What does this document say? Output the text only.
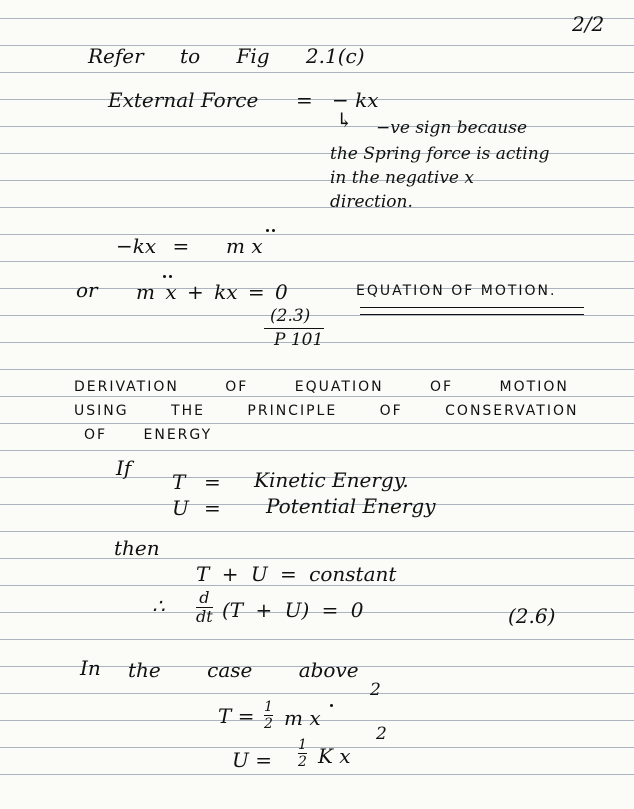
2/2
Refer to Fig 2.1(c)
External Force = − kx
↳ −ve sign because
the Spring force is acting
in the negative x
direction.
−kx = m x
or m x + kx = 0	EQUATION OF MOTION.
(2.3)
P 101
DERIVATION OF EQUATION OF MOTION
USING THE PRINCIPLE OF CONSERVATION
OF ENERGY
If
T = Kinetic Energy.
U = Potential Energy
then
T + U = constant
∴ d
dt (T + U) = 0	(2.6)
In the case above
T = 1
2 m x
2
U =
1
2 K x
2
